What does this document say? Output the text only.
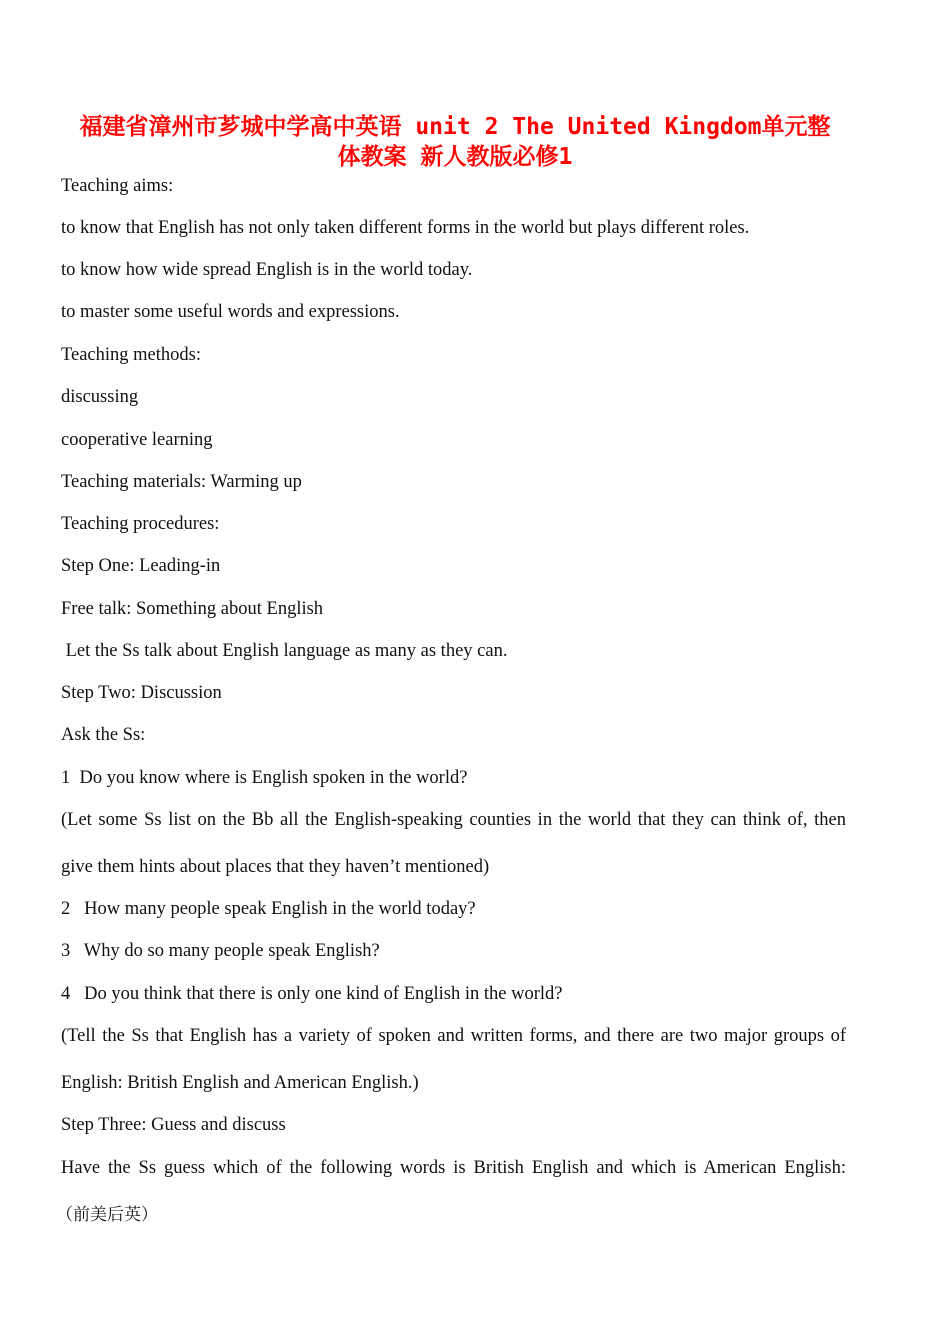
福建省漳州市芗城中学高中英语 unit 2 The United Kingdom单元整
体教案 新人教版必修1

Teaching aims:

to know that English has not only taken different forms in the world but plays different roles.

to know how wide spread English is in the world today.

to master some useful words and expressions.

Teaching methods:

discussing

cooperative learning

Teaching materials: Warming up

Teaching procedures:

Step One: Leading-in

Free talk: Something about English

Let the Ss talk about English language as many as they can.

Step Two: Discussion

Ask the Ss:

1  Do you know where is English spoken in the world?

(Let some Ss list on the Bb all the English-speaking counties in the world that they can think of, then

give them hints about places that they haven’t mentioned)

2   How many people speak English in the world today?

3   Why do so many people speak English?

4   Do you think that there is only one kind of English in the world?

(Tell the Ss that English has a variety of spoken and written forms, and there are two major groups of

English: British English and American English.)

Step Three: Guess and discuss

Have the Ss guess which of the following words is British English and which is American English:

（前美后英）
